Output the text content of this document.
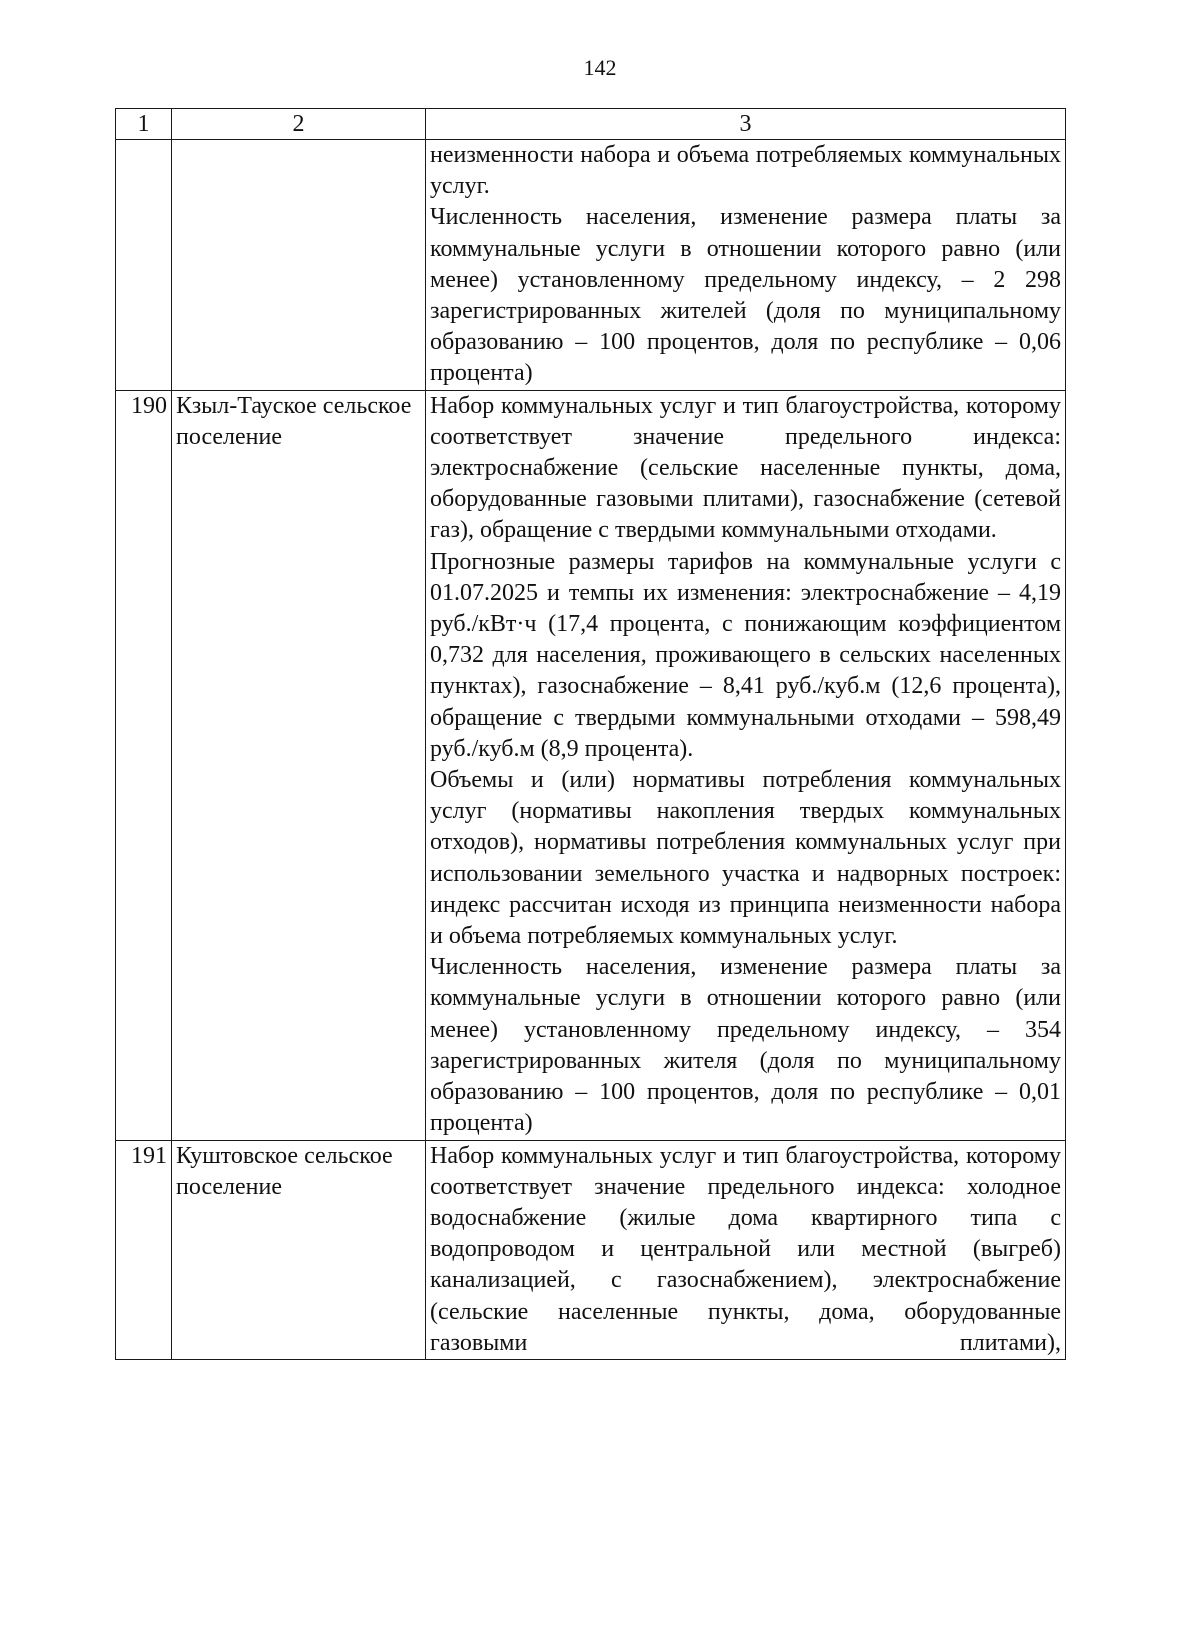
142
1	2	3

		неизменности набора и объема потребляемых коммунальных услуг.
Численность населения, изменение размера платы за коммунальные услуги в отношении которого равно (или менее) установленному предельному индексу, – 2 298 зарегистрированных жителей (доля по муниципальному образованию – 100 процентов, доля по республике – 0,06 процента)

190	Кзыл-Тауское сельское поселение	Набор коммунальных услуг и тип благоустройства, которому соответствует значение предельного индекса: электроснабжение (сельские населенные пункты, дома, оборудованные газовыми плитами), газоснабжение (сетевой газ), обращение с твердыми коммунальными отходами.
Прогнозные размеры тарифов на коммунальные услуги с 01.07.2025 и темпы их изменения: электроснабжение – 4,19 руб./кВт·ч (17,4 процента, с понижающим коэффициентом 0,732 для населения, проживающего в сельских населенных пунктах), газоснабжение – 8,41 руб./куб.м (12,6 процента), обращение с твердыми коммунальными отходами – 598,49 руб./куб.м (8,9 процента).
Объемы и (или) нормативы потребления коммунальных услуг (нормативы накопления твердых коммунальных отходов), нормативы потребления коммунальных услуг при использовании земельного участка и надворных построек: индекс рассчитан исходя из принципа неизменности набора и объема потребляемых коммунальных услуг.
Численность населения, изменение размера платы за коммунальные услуги в отношении которого равно (или менее) установленному предельному индексу, – 354 зарегистрированных жителя (доля по муниципальному образованию – 100 процентов, доля по республике – 0,01 процента)

191	Куштовское сельское поселение	Набор коммунальных услуг и тип благоустройства, которому соответствует значение предельного индекса: холодное водоснабжение (жилые дома квартирного типа с водопроводом и центральной или местной (выгреб) канализацией, с газоснабжением), электроснабжение (сельские населенные пункты, дома, оборудованные газовыми плитами),
